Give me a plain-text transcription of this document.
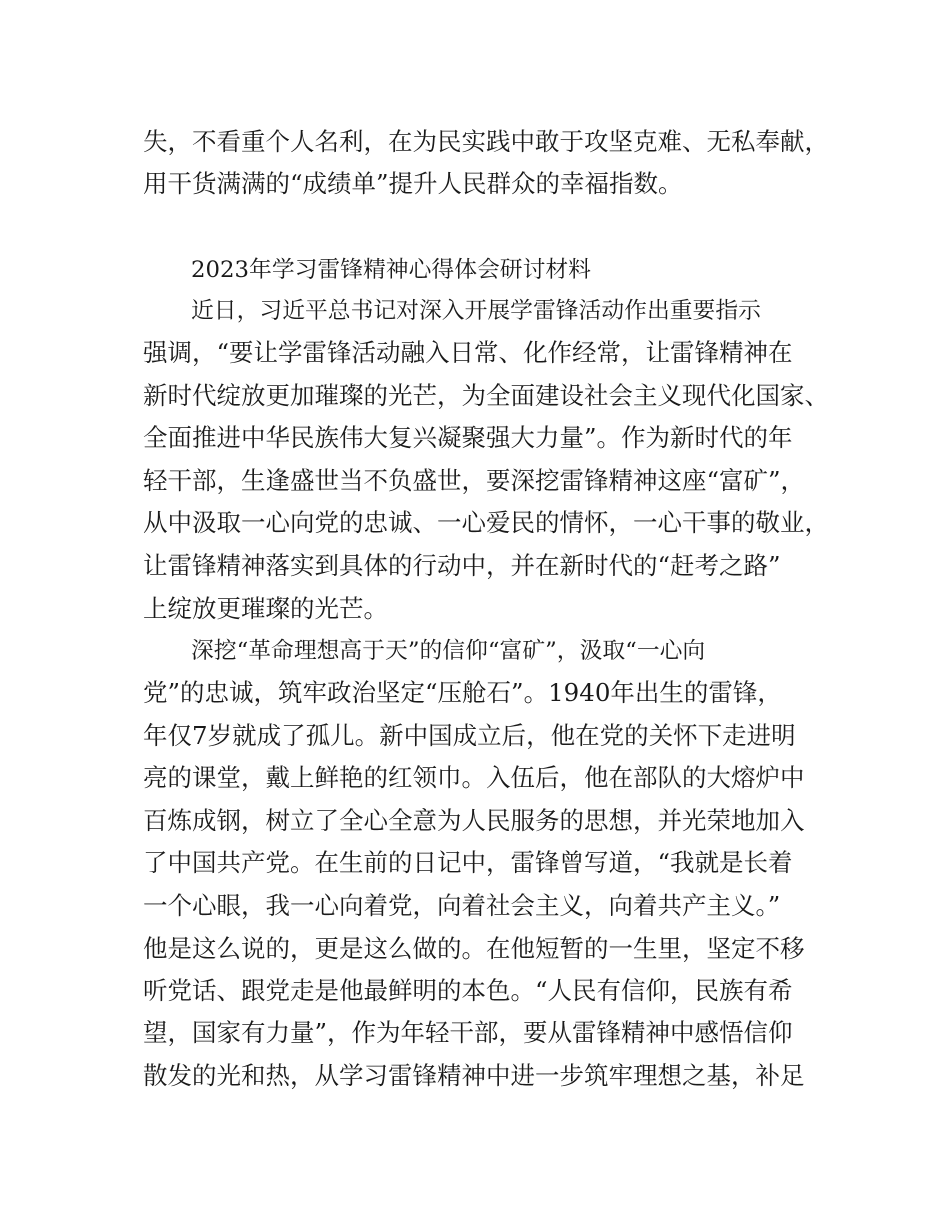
失，不看重个人名利，在为民实践中敢于攻坚克难、无私奉献，
用干货满满的“成绩单”提升人民群众的幸福指数。
2023年学习雷锋精神心得体会研讨材料
近日，习近平总书记对深入开展学雷锋活动作出重要指示
强调，“要让学雷锋活动融入日常、化作经常，让雷锋精神在
新时代绽放更加璀璨的光芒，为全面建设社会主义现代化国家、
全面推进中华民族伟大复兴凝聚强大力量”。作为新时代的年
轻干部，生逢盛世当不负盛世，要深挖雷锋精神这座“富矿”，
从中汲取一心向党的忠诚、一心爱民的情怀，一心干事的敬业，
让雷锋精神落实到具体的行动中，并在新时代的“赶考之路”
上绽放更璀璨的光芒。
深挖“革命理想高于天”的信仰“富矿”，汲取“一心向
党”的忠诚，筑牢政治坚定“压舱石”。1940年出生的雷锋，
年仅7岁就成了孤儿。新中国成立后，他在党的关怀下走进明
亮的课堂，戴上鲜艳的红领巾。入伍后，他在部队的大熔炉中
百炼成钢，树立了全心全意为人民服务的思想，并光荣地加入
了中国共产党。在生前的日记中，雷锋曾写道，“我就是长着
一个心眼，我一心向着党，向着社会主义，向着共产主义。”
他是这么说的，更是这么做的。在他短暂的一生里，坚定不移
听党话、跟党走是他最鲜明的本色。“人民有信仰，民族有希
望，国家有力量”，作为年轻干部，要从雷锋精神中感悟信仰
散发的光和热，从学习雷锋精神中进一步筑牢理想之基，补足
